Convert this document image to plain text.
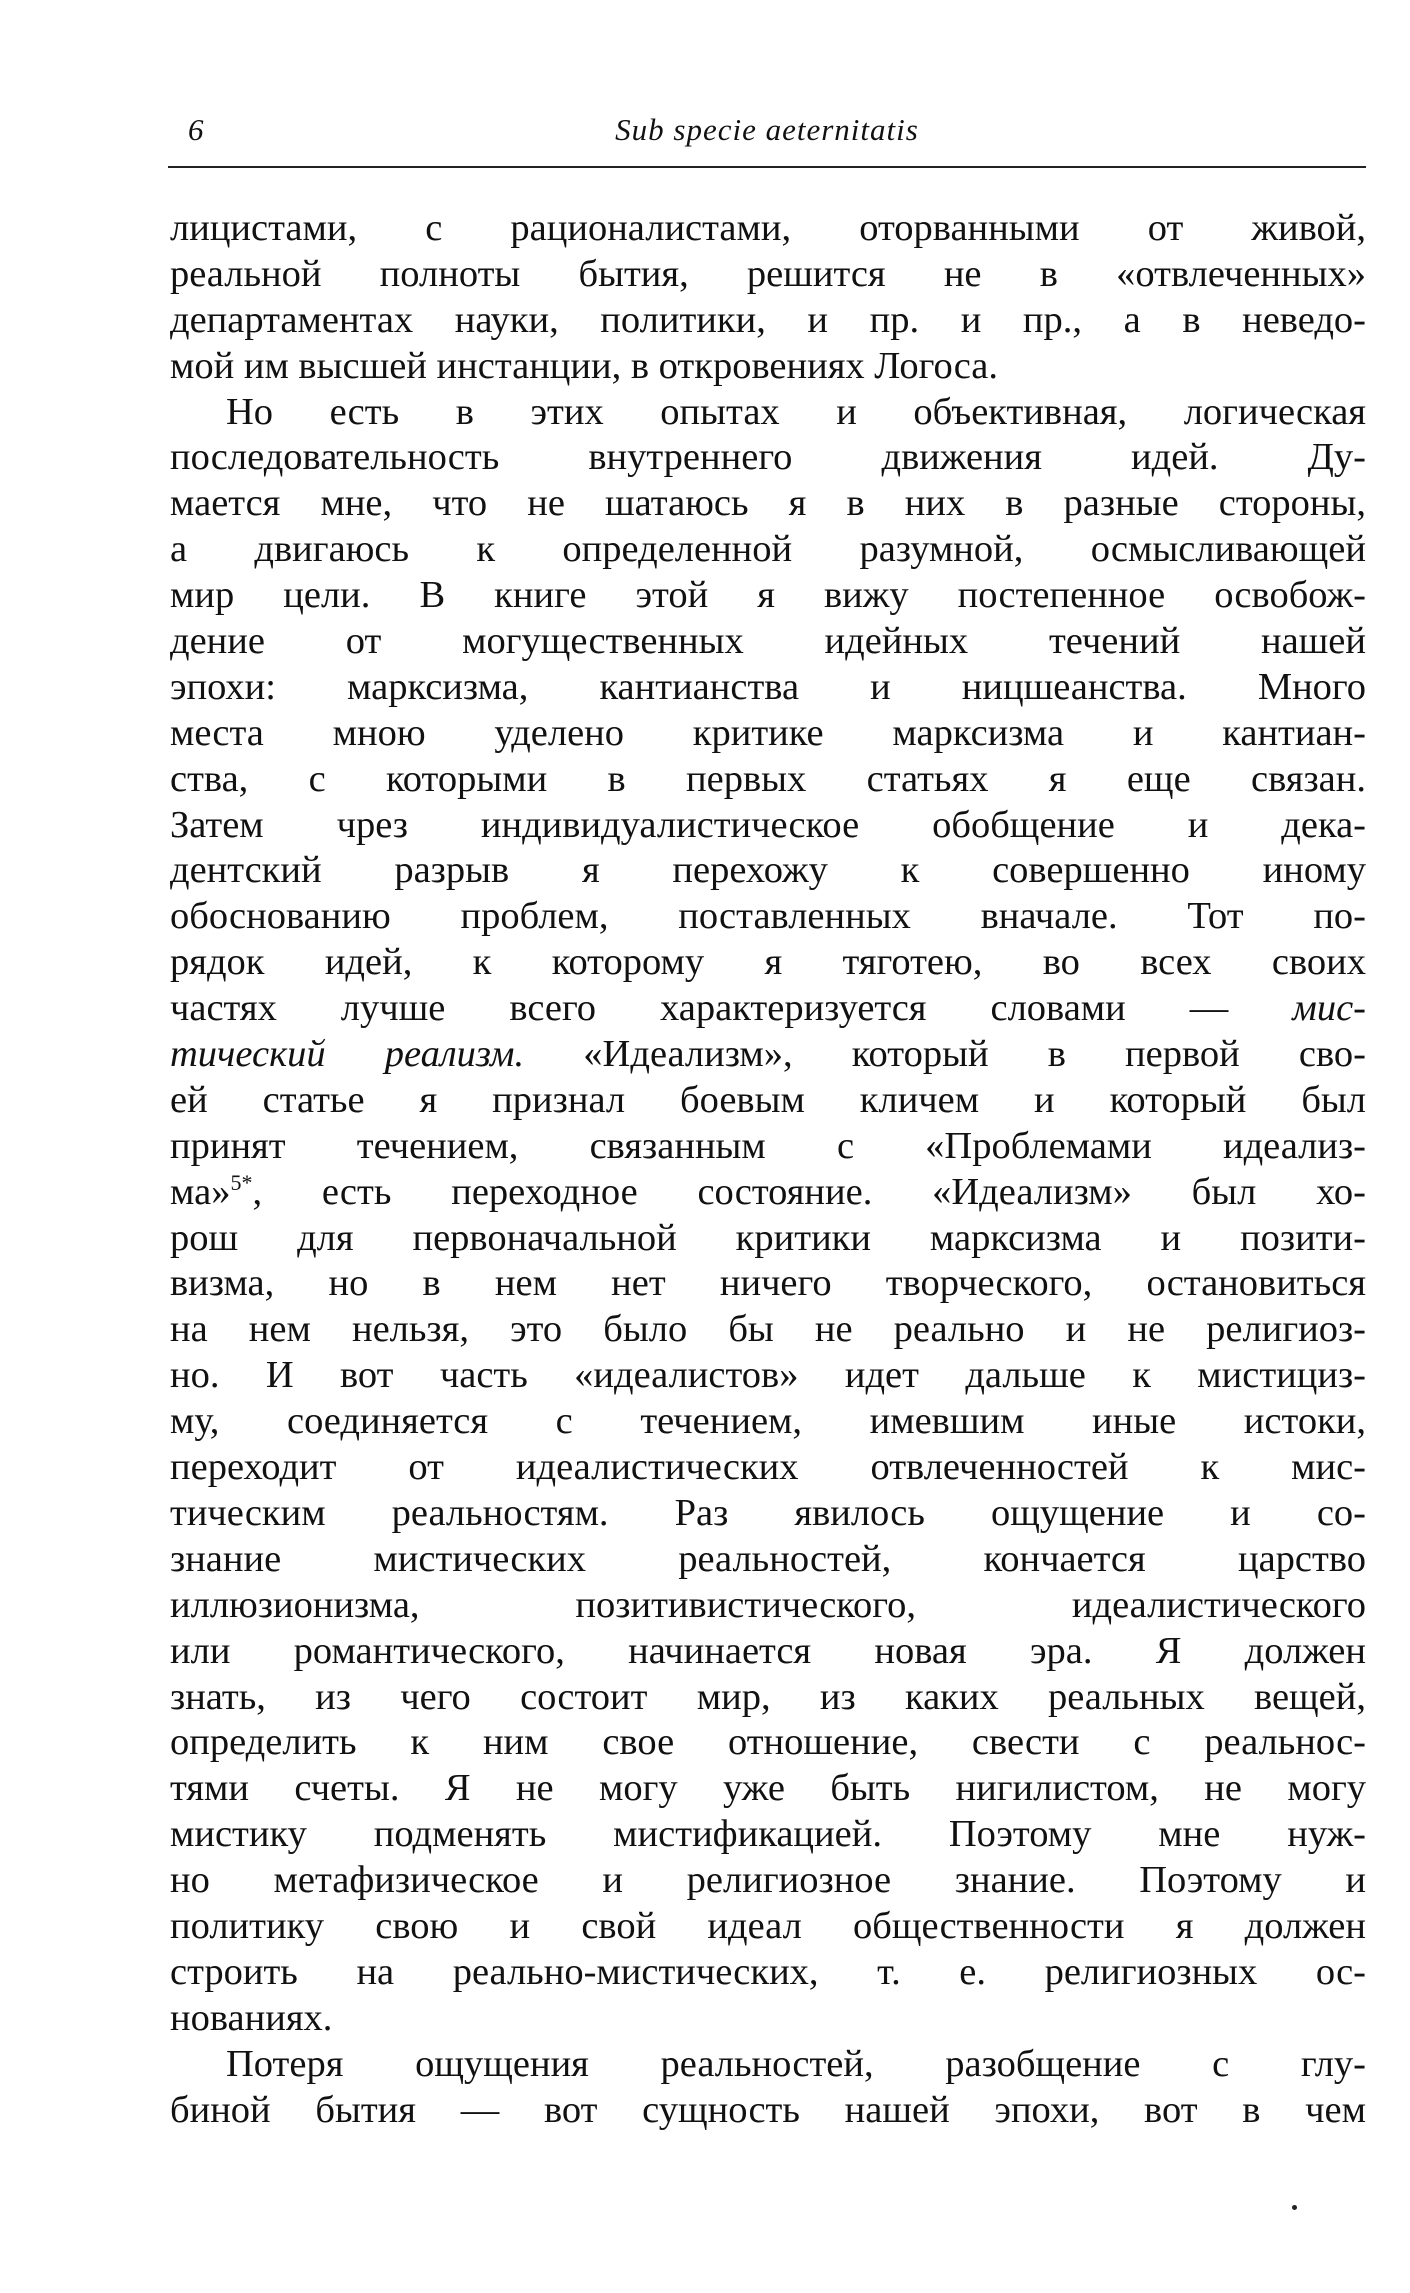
6	Sub specie aeternitatis
лицистами, с рационалистами, оторванными от живой,
реальной полноты бытия, решится не в «отвлеченных»
департаментах науки, политики, и пр. и пр., а в неведо-
мой им высшей инстанции, в откровениях Логоса.
Но есть в этих опытах и объективная, логическая
последовательность внутреннего движения идей. Ду-
мается мне, что не шатаюсь я в них в разные стороны,
а двигаюсь к определенной разумной, осмысливающей
мир цели. В книге этой я вижу постепенное освобож-
дение от могущественных идейных течений нашей
эпохи: марксизма, кантианства и ницшеанства. Много
места мною уделено критике марксизма и кантиан-
ства, с которыми в первых статьях я еще связан.
Затем чрез индивидуалистическое обобщение и дека-
дентский разрыв я перехожу к совершенно иному
обоснованию проблем, поставленных вначале. Тот по-
рядок идей, к которому я тяготею, во всех своих
частях лучше всего характеризуется словами — мис-
тический реализм. «Идеализм», который в первой сво-
ей статье я признал боевым кличем и который был
принят течением, связанным с «Проблемами идеализ-
ма»$^{5*}$, есть переходное состояние. «Идеализм» был хо-
рош для первоначальной критики марксизма и позити-
визма, но в нем нет ничего творческого, остановиться
на нем нельзя, это было бы не реально и не религиоз-
но. И вот часть «идеалистов» идет дальше к мистициз-
му, соединяется с течением, имевшим иные истоки,
переходит от идеалистических отвлеченностей к мис-
тическим реальностям. Раз явилось ощущение и со-
знание мистических реальностей, кончается царство
иллюзионизма, позитивистического, идеалистического
или романтического, начинается новая эра. Я должен
знать, из чего состоит мир, из каких реальных вещей,
определить к ним свое отношение, свести с реальнос-
тями счеты. Я не могу уже быть нигилистом, не могу
мистику подменять мистификацией. Поэтому мне нуж-
но метафизическое и религиозное знание. Поэтому и
политику свою и свой идеал общественности я должен
строить на реально-мистических, т. е. религиозных ос-
нованиях.
Потеря ощущения реальностей, разобщение с глу-
биной бытия — вот сущность нашей эпохи, вот в чем
